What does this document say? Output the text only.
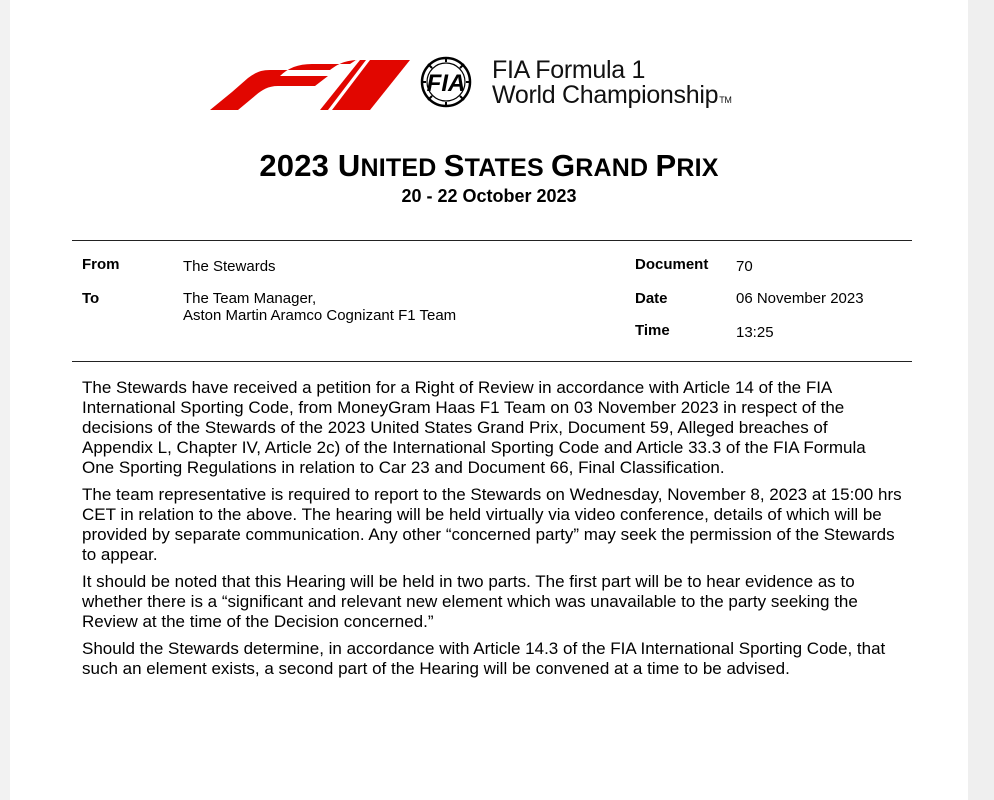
FIA FIA Formula 1
World ChampionshipTM
2023 UNITED STATES GRAND PRIX
20 - 22 October 2023
From	The Stewards
To	The Team Manager,
Aston Martin Aramco Cognizant F1 Team
Document 70
Date	06 November 2023
Time	13:25

The Stewards have received a petition for a Right of Review in accordance with Article 14 of the FIA International Sporting Code, from MoneyGram Haas F1 Team on 03 November 2023 in respect of the decisions of the Stewards of the 2023 United States Grand Prix, Document 59, Alleged breaches of Appendix L, Chapter IV, Article 2c) of the International Sporting Code and Article 33.3 of the FIA Formula One Sporting Regulations in relation to Car 23 and Document 66, Final Classification.

The team representative is required to report to the Stewards on Wednesday, November 8, 2023 at 15:00 hrs CET in relation to the above. The hearing will be held virtually via video conference, details of which will be provided by separate communication. Any other “concerned party” may seek the permission of the Stewards to appear.

It should be noted that this Hearing will be held in two parts. The first part will be to hear evidence as to whether there is a “significant and relevant new element which was unavailable to the party seeking the Review at the time of the Decision concerned.”

Should the Stewards determine, in accordance with Article 14.3 of the FIA International Sporting Code, that such an element exists, a second part of the Hearing will be convened at a time to be advised.
